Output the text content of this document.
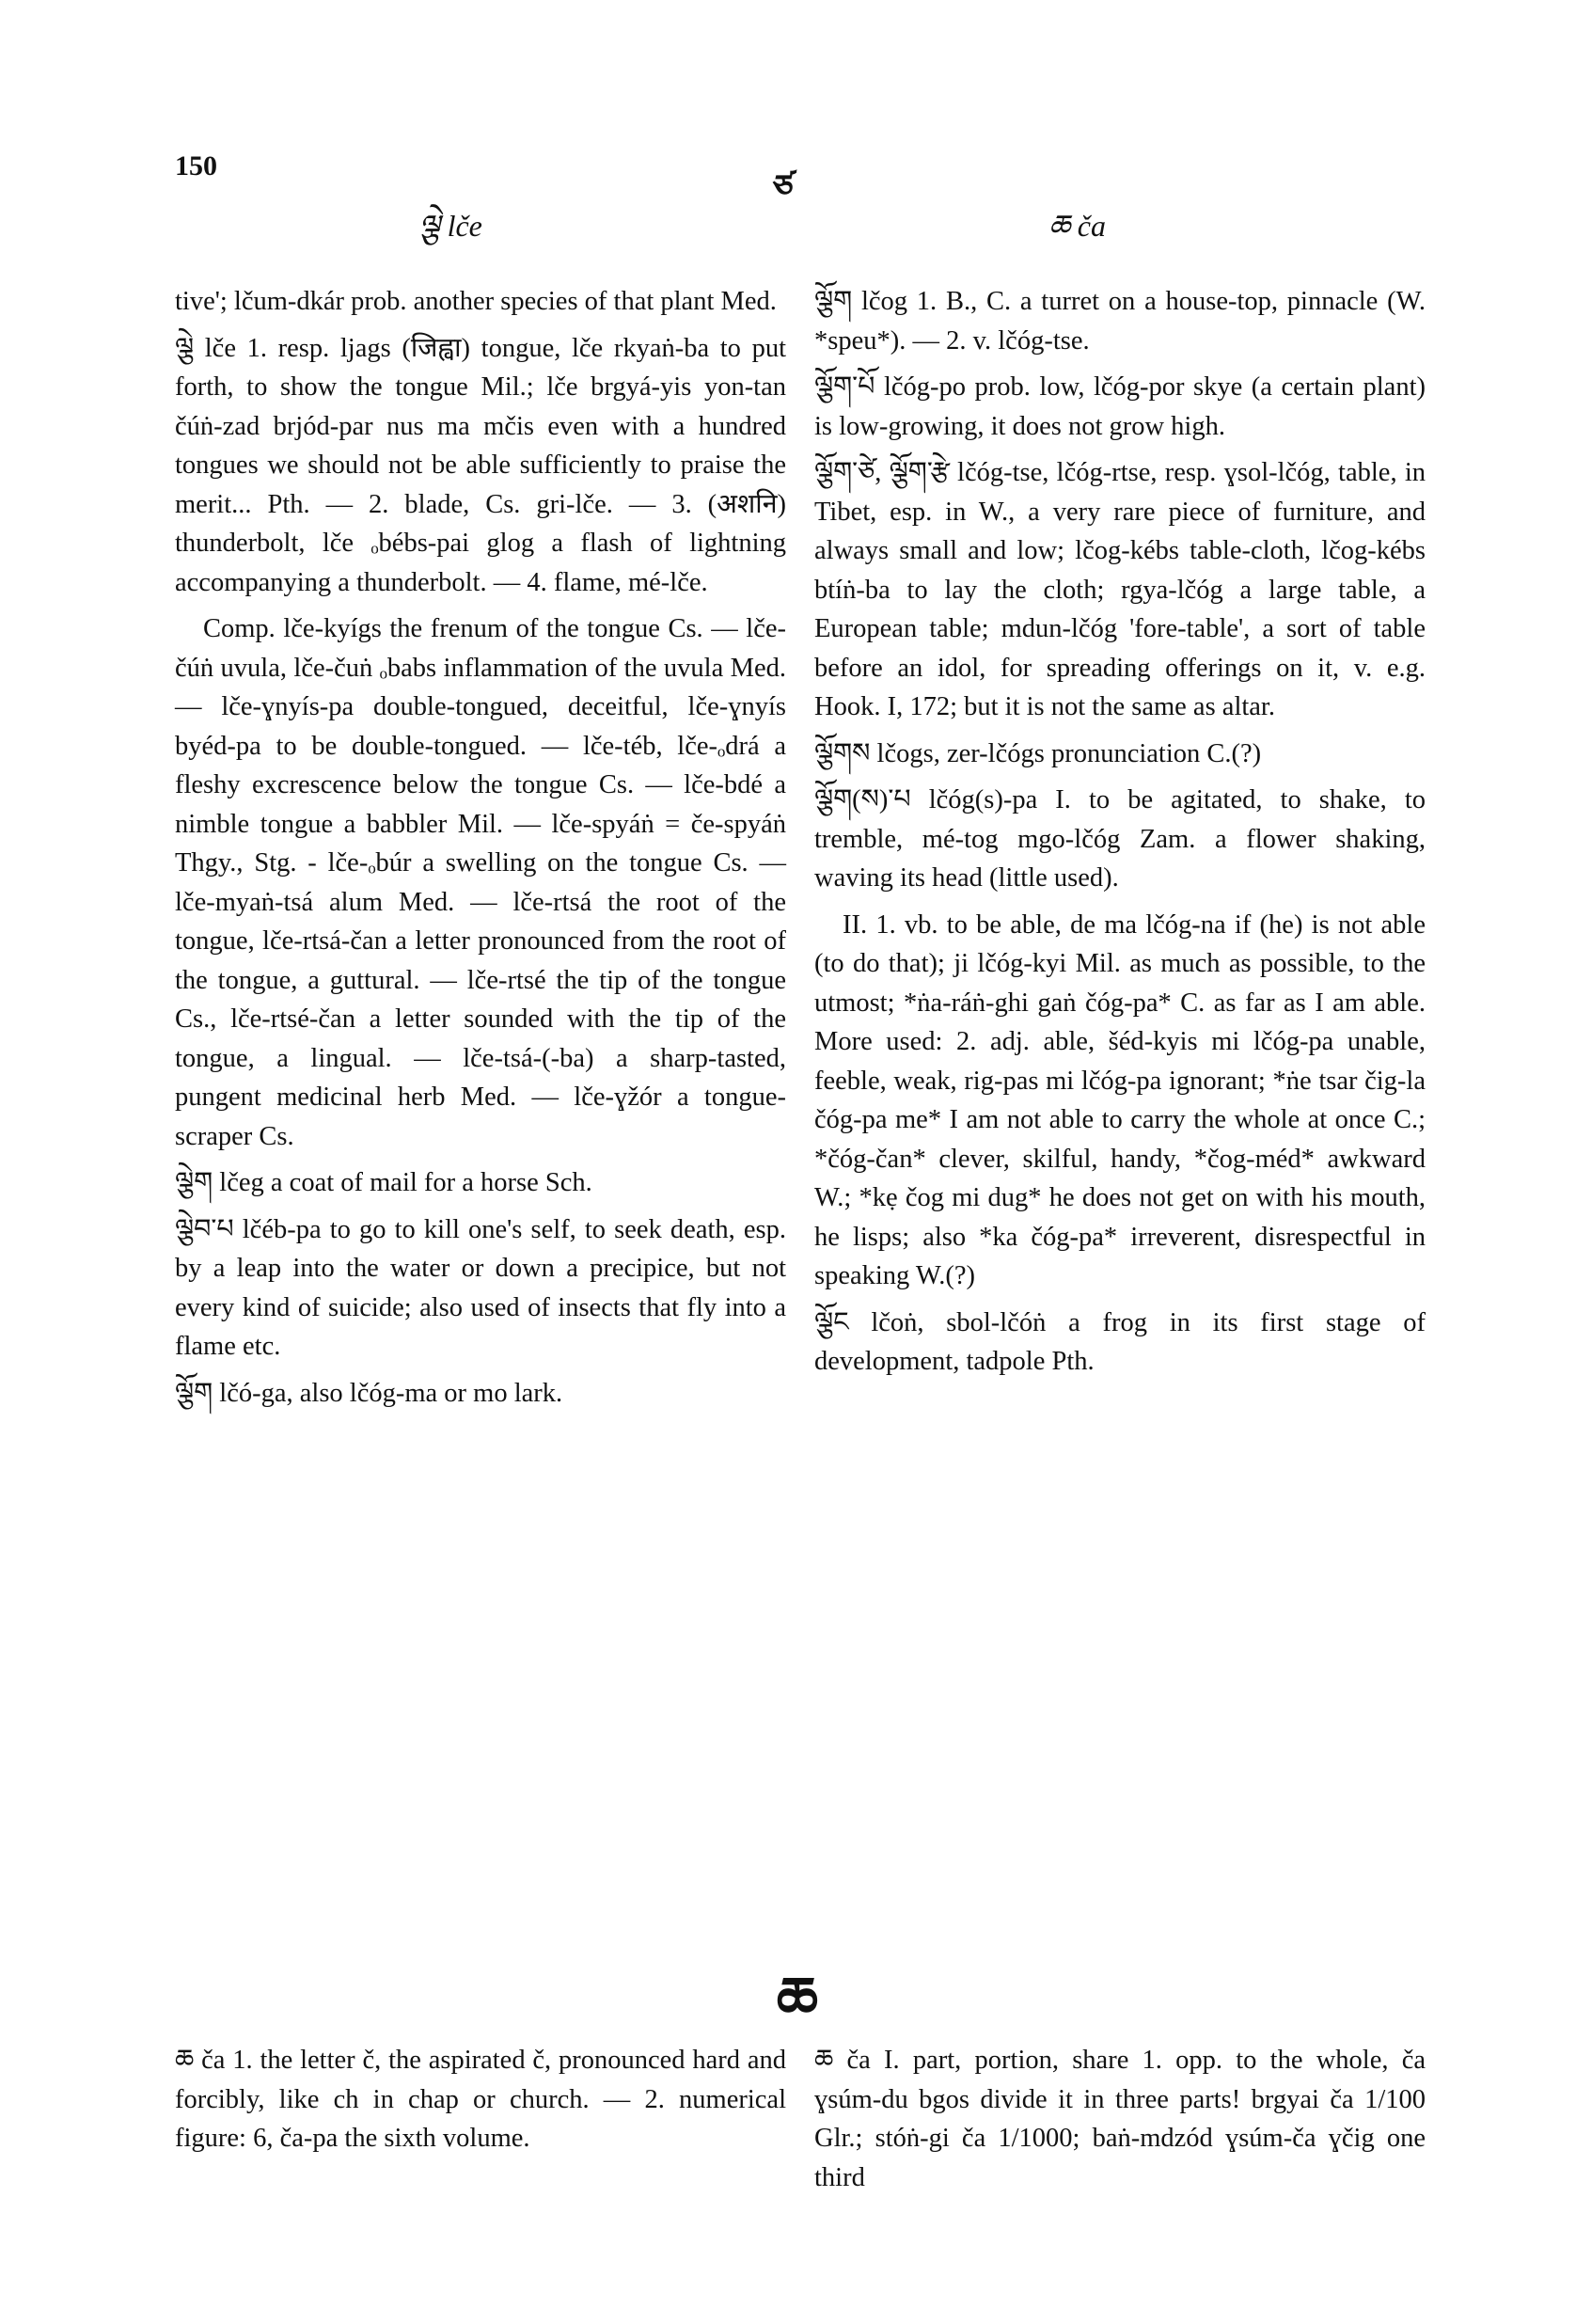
150
ཙ
ལྕེ lče	ཆ ča

tive'; lčum-dkár prob. another species of that plant Med.

ལྕེ lče 1. resp. ljags (जिह्वा) tongue, lče rkyaṅ-ba to put forth, to show the tongue Mil.; lče brgyá-yis yon-tan čúṅ-zad brjód-par nus ma mčis even with a hundred tongues we should not be able sufficiently to praise the merit... Pth. — 2. blade, Cs. gri-lče. — 3. (अशनि) thunderbolt, lče ₒbébs-pai glog a flash of lightning accompanying a thunderbolt. — 4. flame, mé-lče.

Comp. lče-kyígs the frenum of the tongue Cs. — lče-čúṅ uvula, lče-čuṅ ₒbabs inflammation of the uvula Med. — lče-ɣnyís-pa double-tongued, deceitful, lče-ɣnyís byéd-pa to be double-tongued. — lče-téb, lče-ₒdrá a fleshy excrescence below the tongue Cs. — lče-bdé a nimble tongue a babbler Mil. — lče-spyáṅ = če-spyáṅ Thgy., Stg. - lče-ₒbúr a swelling on the tongue Cs. — lče-myaṅ-tsá alum Med. — lče-rtsá the root of the tongue, lče-rtsá-čan a letter pronounced from the root of the tongue, a guttural. — lče-rtsé the tip of the tongue Cs., lče-rtsé-čan a letter sounded with the tip of the tongue, a lingual. — lče-tsá-(-ba) a sharp-tasted, pungent medicinal herb Med. — lče-ɣžór a tongue-scraper Cs.

ལྕེག lčeg a coat of mail for a horse Sch.

ལྕེབ་པ lčéb-pa to go to kill one's self, to seek death, esp. by a leap into the water or down a precipice, but not every kind of suicide; also used of insects that fly into a flame etc.

ལྕོག lčó-ga, also lčóg-ma or mo lark.

ལྕོག lčog 1. B., C. a turret on a house-top, pinnacle (W. *speu*). — 2. v. lčóg-tse.

ལྕོག་པོ lčóg-po prob. low, lčóg-por skye (a certain plant) is low-growing, it does not grow high.

ལྕོག་ཙེ, ལྕོག་རྩེ lčóg-tse, lčóg-rtse, resp. ɣsol-lčóg, table, in Tibet, esp. in W., a very rare piece of furniture, and always small and low; lčog-kébs table-cloth, lčog-kébs btíṅ-ba to lay the cloth; rgya-lčóg a large table, a European table; mdun-lčóg 'fore-table', a sort of table before an idol, for spreading offerings on it, v. e.g. Hook. I, 172; but it is not the same as altar.

ལྕོགས lčogs, zer-lčógs pronunciation C.(?)

ལྕོག(ས)་པ lčóg(s)-pa I. to be agitated, to shake, to tremble, mé-tog mgo-lčóg Zam. a flower shaking, waving its head (little used).

II. 1. vb. to be able, de ma lčóg-na if (he) is not able (to do that); ji lčóg-kyi Mil. as much as possible, to the utmost; *ṅa-ráṅ-ghi gaṅ čóg-pa* C. as far as I am able. More used: 2. adj. able, šéd-kyis mi lčóg-pa unable, feeble, weak, rig-pas mi lčóg-pa ignorant; *ṅe tsar čig-la čóg-pa me* I am not able to carry the whole at once C.; *čóg-čan* clever, skilful, handy, *čog-méd* awkward W.; *kẹ čog mi dug* he does not get on with his mouth, he lisps; also *ka čóg-pa* irreverent, disrespectful in speaking W.(?)

ལྕོང lčoṅ, sbol-lčóṅ a frog in its first stage of development, tadpole Pth.

ཆ

ཆ ča 1. the letter č, the aspirated č, pronounced hard and forcibly, like ch in chap or church. — 2. numerical figure: 6, ča-pa the sixth volume.

ཆ ča I. part, portion, share 1. opp. to the whole, ča ɣsúm-du bgos divide it in three parts! brgyai ča 1/100 Glr.; stóṅ-gi ča 1/1000; baṅ-mdzód ɣsúm-ča ɣčig one third
